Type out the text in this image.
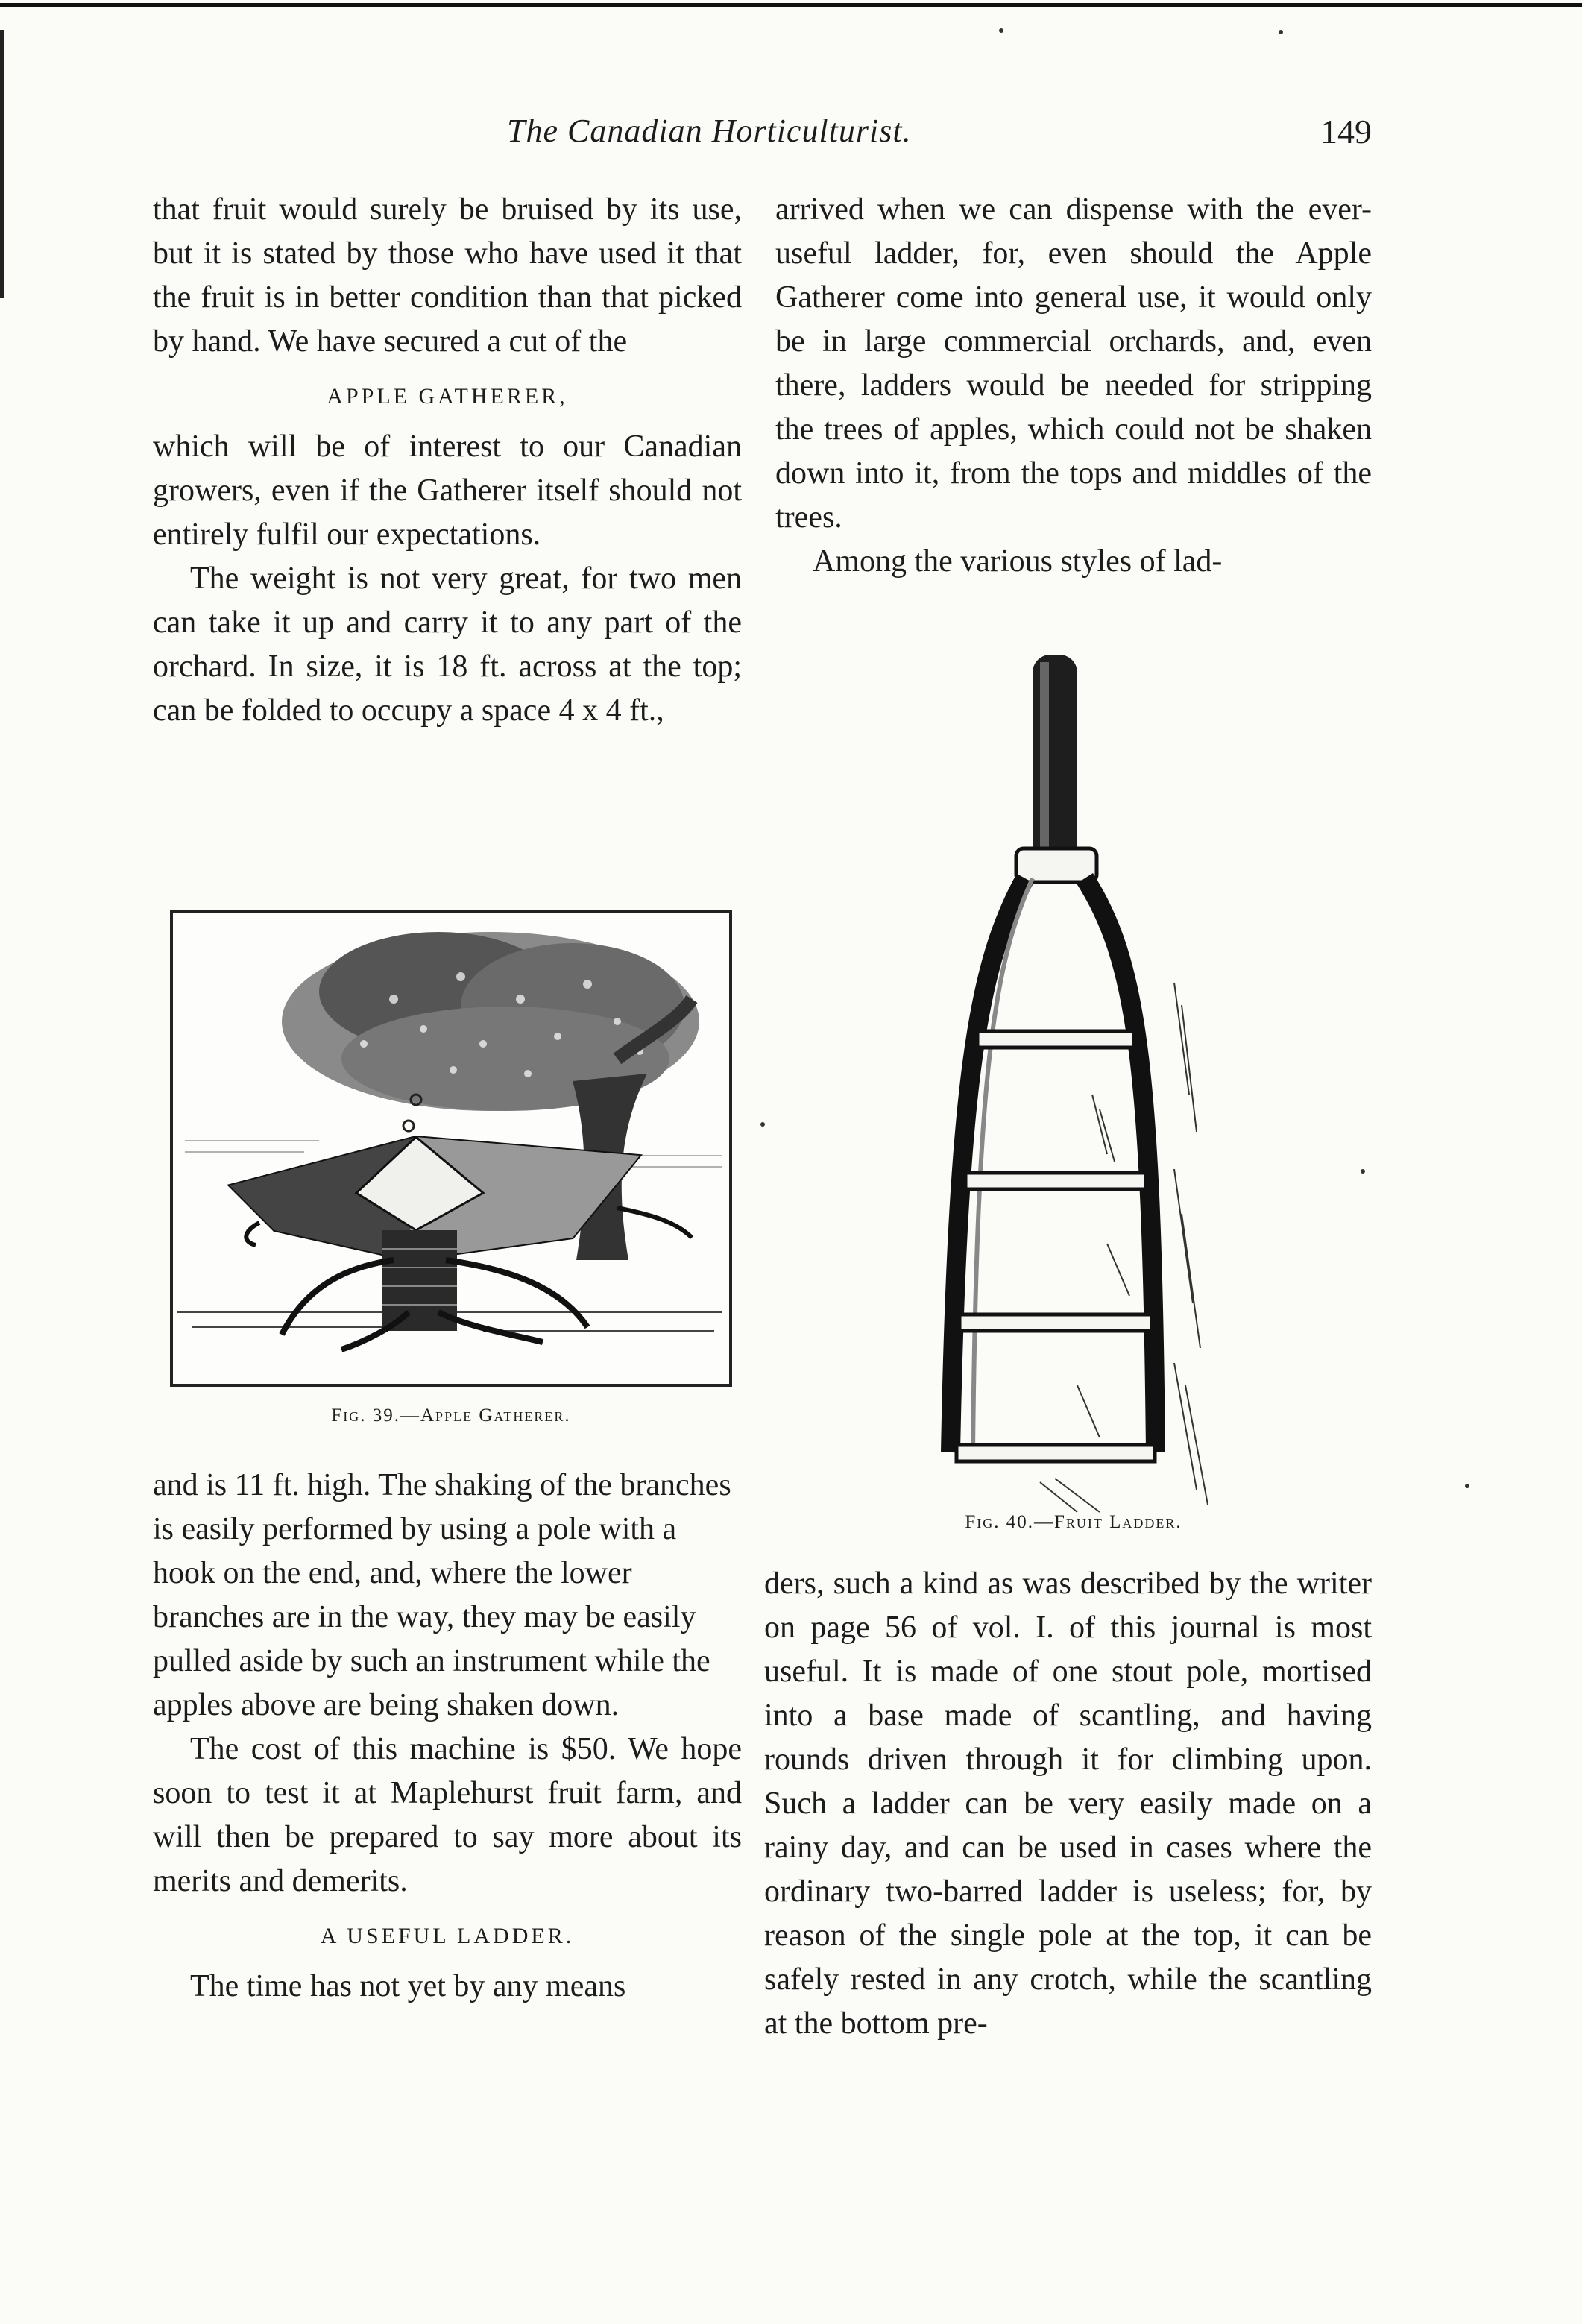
The Canadian Horticulturist.	149

that fruit would surely be bruised by its use, but it is stated by those who have used it that the fruit is in better condition than that picked by hand. We have secured a cut of the

APPLE GATHERER,

which will be of interest to our Canadian growers, even if the Gatherer itself should not entirely fulfil our expectations.

The weight is not very great, for two men can take it up and carry it to any part of the orchard. In size, it is 18 ft. across at the top; can be folded to occupy a space 4 x 4 ft.,

Fig. 39.—Apple Gatherer.

and is 11 ft. high. The shaking of the branches is easily performed by using a pole with a hook on the end, and, where the lower branches are in the way, they may be easily pulled aside by such an instrument while the apples above are being shaken down.

The cost of this machine is $50. We hope soon to test it at Maplehurst fruit farm, and will then be prepared to say more about its merits and demerits.

A USEFUL LADDER.

The time has not yet by any means

arrived when we can dispense with the ever-useful ladder, for, even should the Apple Gatherer come into general use, it would only be in large commercial orchards, and, even there, ladders would be needed for stripping the trees of apples, which could not be shaken down into it, from the tops and middles of the trees.

Among the various styles of lad-

Fig. 40.—Fruit Ladder.

ders, such a kind as was described by the writer on page 56 of vol. I. of this journal is most useful. It is made of one stout pole, mortised into a base made of scantling, and having rounds driven through it for climbing upon. Such a ladder can be very easily made on a rainy day, and can be used in cases where the ordinary two-barred ladder is useless; for, by reason of the single pole at the top, it can be safely rested in any crotch, while the scantling at the bottom pre-
